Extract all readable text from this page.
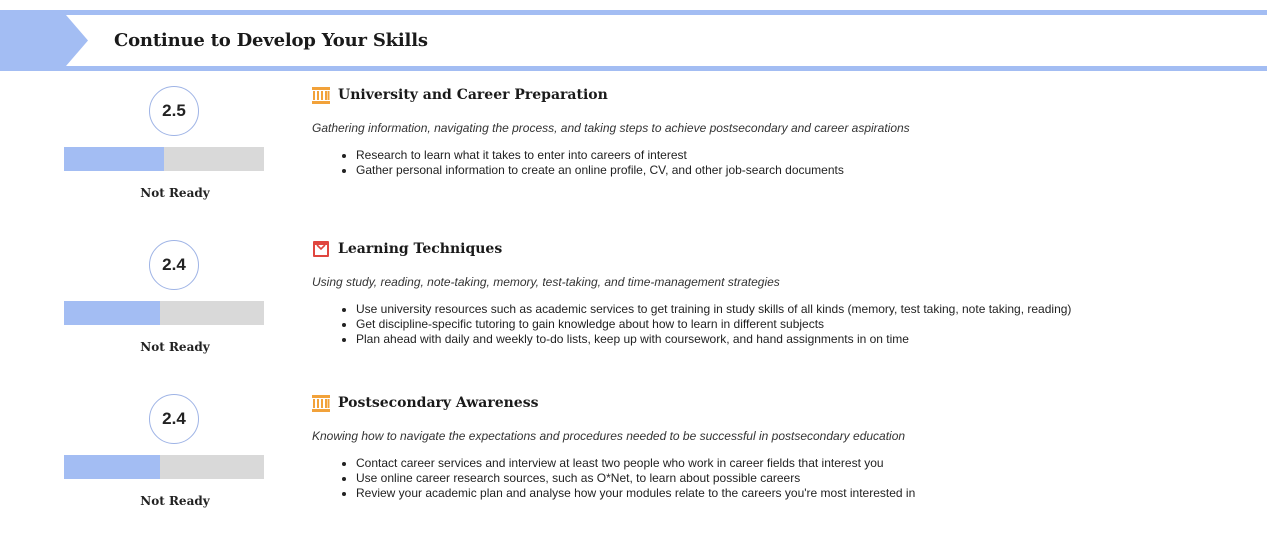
Continue to Develop Your Skills
2.5
Not Ready
University and Career Preparation
Gathering information, navigating the process, and taking steps to achieve postsecondary and career aspirations
• Research to learn what it takes to enter into careers of interest
• Gather personal information to create an online profile, CV, and other job-search documents
2.4
Not Ready
Learning Techniques
Using study, reading, note-taking, memory, test-taking, and time-management strategies
• Use university resources such as academic services to get training in study skills of all kinds (memory, test taking, note taking, reading)
• Get discipline-specific tutoring to gain knowledge about how to learn in different subjects
• Plan ahead with daily and weekly to-do lists, keep up with coursework, and hand assignments in on time
2.4
Not Ready
Postsecondary Awareness
Knowing how to navigate the expectations and procedures needed to be successful in postsecondary education
• Contact career services and interview at least two people who work in career fields that interest you
• Use online career research sources, such as O*Net, to learn about possible careers
• Review your academic plan and analyse how your modules relate to the careers you're most interested in
